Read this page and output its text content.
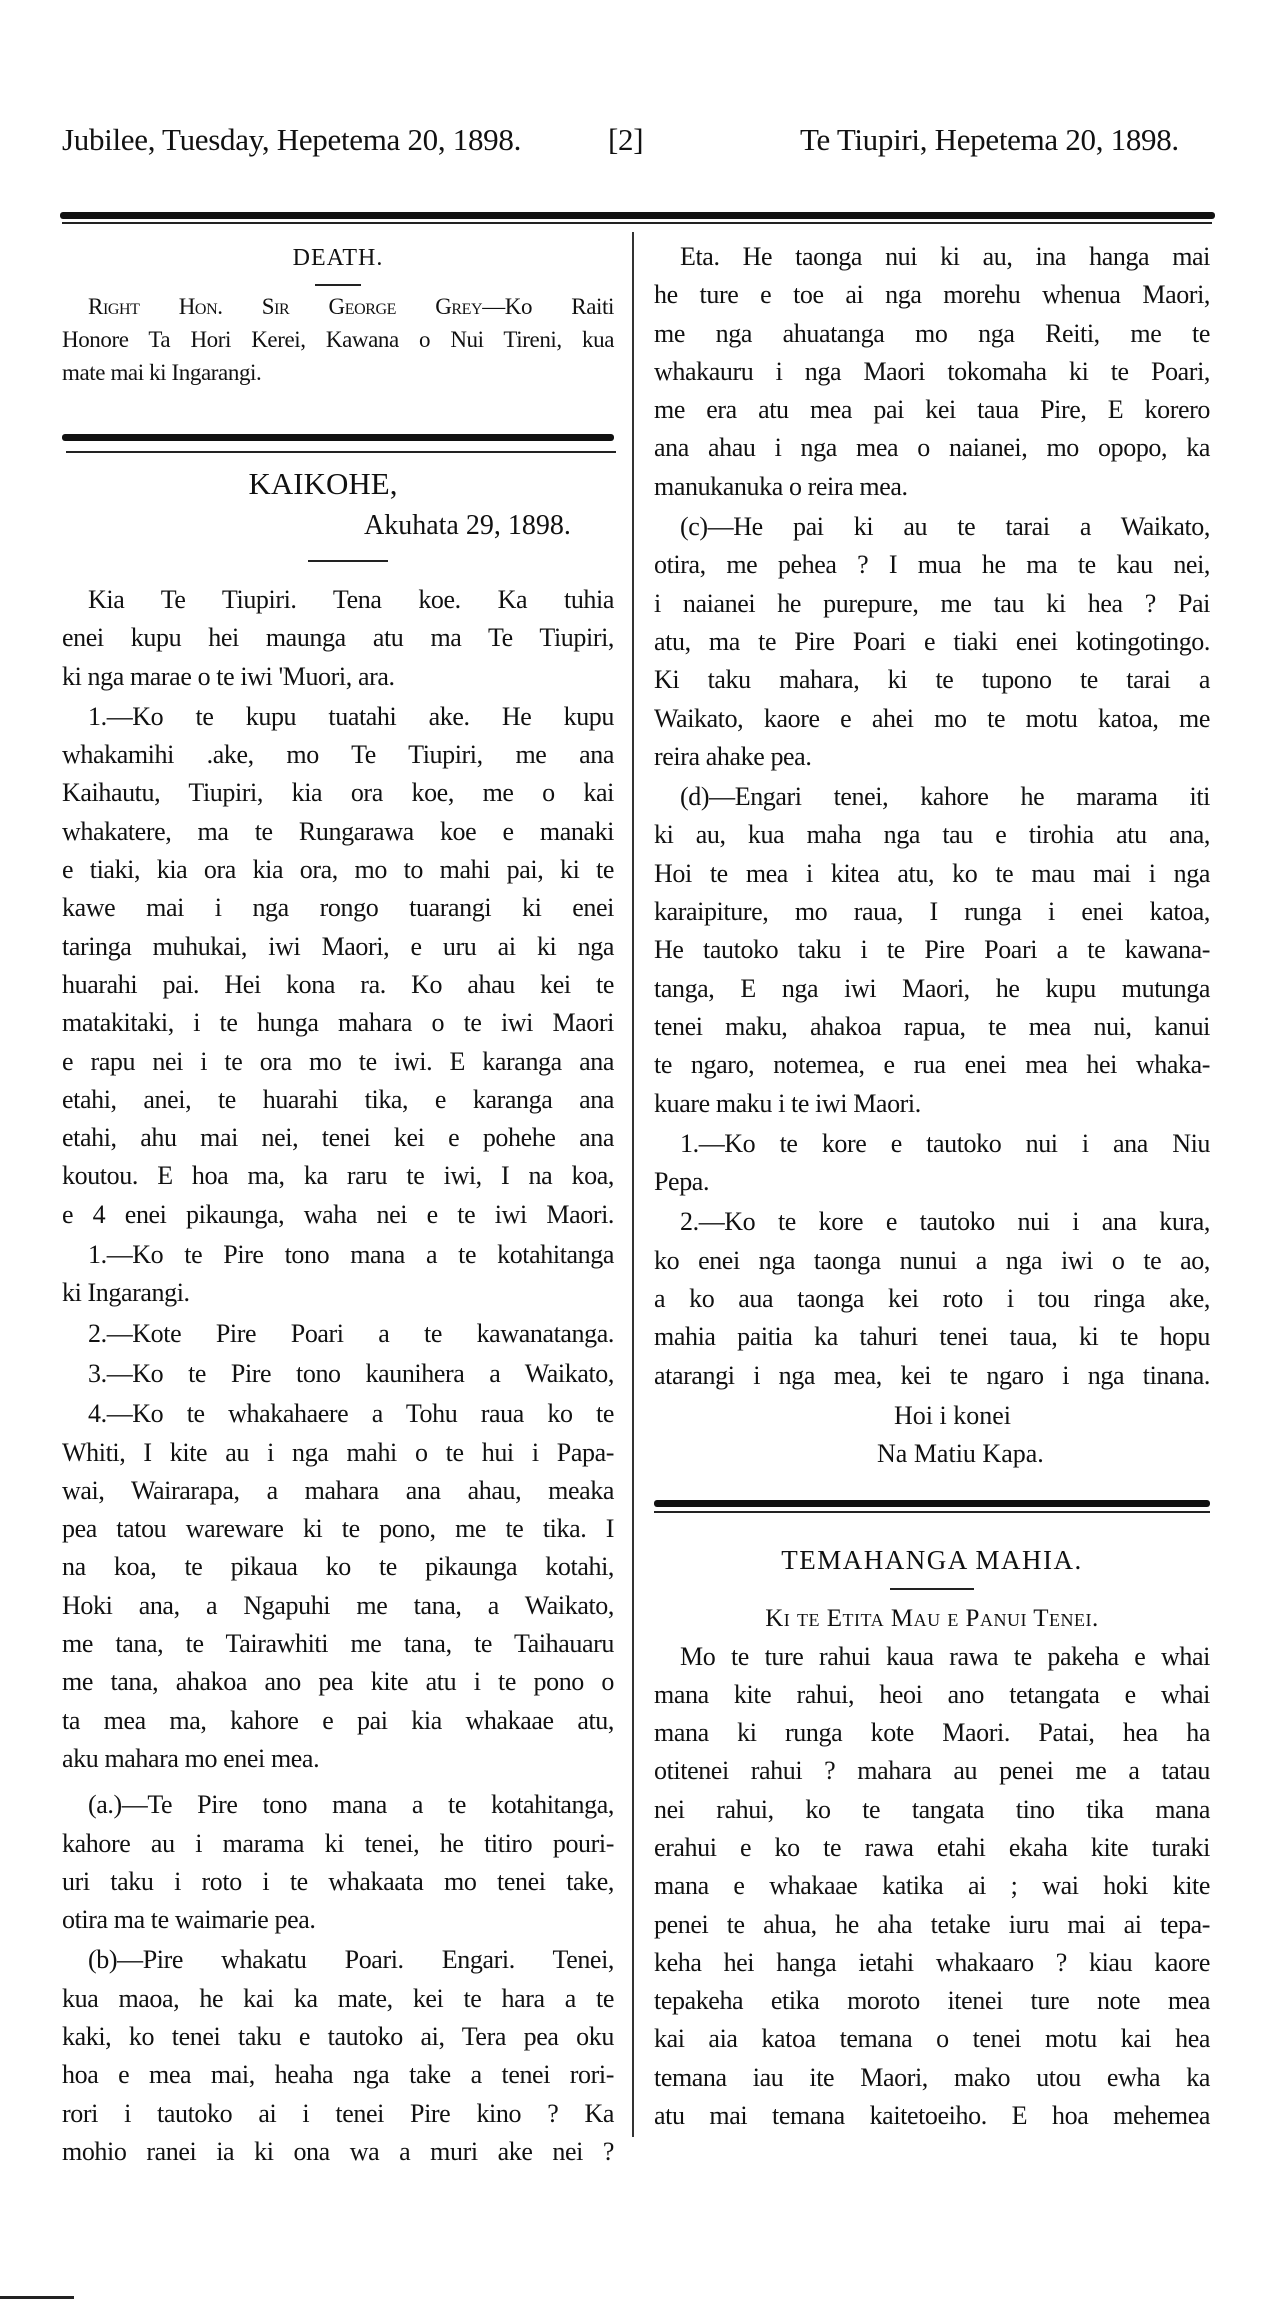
Jubilee, Tuesday, Hepetema 20, 1898.	[2]	Te Tiupiri, Hepetema 20, 1898.
DEATH.
Right Hon. Sir George Grey—Ko Raiti
Honore Ta Hori Kerei, Kawana o Nui Tireni, kua
mate mai ki Ingarangi.
KAIKOHE,
Akuhata 29, 1898.
Kia Te Tiupiri. Tena koe. Ka tuhia
enei kupu hei maunga atu ma Te Tiupiri,
ki nga marae o te iwi 'Muori, ara.
1.—Ko te kupu tuatahi ake. He kupu
whakamihi .ake, mo Te Tiupiri, me ana
Kaihautu, Tiupiri, kia ora koe, me o kai
whakatere, ma te Rungarawa koe e manaki
e tiaki, kia ora kia ora, mo to mahi pai, ki te
kawe mai i nga rongo tuarangi ki enei
taringa muhukai, iwi Maori, e uru ai ki nga
huarahi pai. Hei kona ra. Ko ahau kei te
matakitaki, i te hunga mahara o te iwi Maori
e rapu nei i te ora mo te iwi. E karanga ana
etahi, anei, te huarahi tika, e karanga ana
etahi, ahu mai nei, tenei kei e pohehe ana
koutou. E hoa ma, ka raru te iwi, I na koa,
e 4 enei pikaunga, waha nei e te iwi Maori.
1.—Ko te Pire tono mana a te kotahitanga
ki Ingarangi.
2.—Kote Pire Poari a te kawanatanga.
3.—Ko te Pire tono kaunihera a Waikato,
4.—Ko te whakahaere a Tohu raua ko te
Whiti, I kite au i nga mahi o te hui i Papa-
wai, Wairarapa, a mahara ana ahau, meaka
pea tatou wareware ki te pono, me te tika. I
na koa, te pikaua ko te pikaunga kotahi,
Hoki ana, a Ngapuhi me tana, a Waikato,
me tana, te Tairawhiti me tana, te Taihauaru
me tana, ahakoa ano pea kite atu i te pono o
ta mea ma, kahore e pai kia whakaae atu,
aku mahara mo enei mea.
(a.)—Te Pire tono mana a te kotahitanga,
kahore au i marama ki tenei, he titiro pouri-
uri taku i roto i te whakaata mo tenei take,
otira ma te waimarie pea.
(b)—Pire whakatu Poari. Engari. Tenei,
kua maoa, he kai ka mate, kei te hara a te
kaki, ko tenei taku e tautoko ai, Tera pea oku
hoa e mea mai, heaha nga take a tenei rori-
rori i tautoko ai i tenei Pire kino ? Ka
mohio ranei ia ki ona wa a muri ake nei ?
Eta. He taonga nui ki au, ina hanga mai
he ture e toe ai nga morehu whenua Maori,
me nga ahuatanga mo nga Reiti, me te
whakauru i nga Maori tokomaha ki te Poari,
me era atu mea pai kei taua Pire, E korero
ana ahau i nga mea o naianei, mo opopo, ka
manukanuka o reira mea.
(c)—He pai ki au te tarai a Waikato,
otira, me pehea ? I mua he ma te kau nei,
i naianei he purepure, me tau ki hea ? Pai
atu, ma te Pire Poari e tiaki enei kotingotingo.
Ki taku mahara, ki te tupono te tarai a
Waikato, kaore e ahei mo te motu katoa, me
reira ahake pea.
(d)—Engari tenei, kahore he marama iti
ki au, kua maha nga tau e tirohia atu ana,
Hoi te mea i kitea atu, ko te mau mai i nga
karaipiture, mo raua, I runga i enei katoa,
He tautoko taku i te Pire Poari a te kawana-
tanga, E nga iwi Maori, he kupu mutunga
tenei maku, ahakoa rapua, te mea nui, kanui
te ngaro, notemea, e rua enei mea hei whaka-
kuare maku i te iwi Maori.
1.—Ko te kore e tautoko nui i ana Niu
Pepa.
2.—Ko te kore e tautoko nui i ana kura,
ko enei nga taonga nunui a nga iwi o te ao,
a ko aua taonga kei roto i tou ringa ake,
mahia paitia ka tahuri tenei taua, ki te hopu
atarangi i nga mea, kei te ngaro i nga tinana.
Hoi i konei
Na Matiu Kapa.
TEMAHANGA MAHIA.
Ki te Etita Mau e Panui Tenei.
Mo te ture rahui kaua rawa te pakeha e whai
mana kite rahui, heoi ano tetangata e whai
mana ki runga kote Maori. Patai, hea ha
otitenei rahui ? mahara au penei me a tatau
nei rahui, ko te tangata tino tika mana
erahui e ko te rawa etahi ekaha kite turaki
mana e whakaae katika ai ; wai hoki kite
penei te ahua, he aha tetake iuru mai ai tepa-
keha hei hanga ietahi whakaaro ? kiau kaore
tepakeha etika moroto itenei ture note mea
kai aia katoa temana o tenei motu kai hea
temana iau ite Maori, mako utou ewha ka
atu mai temana kaitetoeiho. E hoa mehemea
